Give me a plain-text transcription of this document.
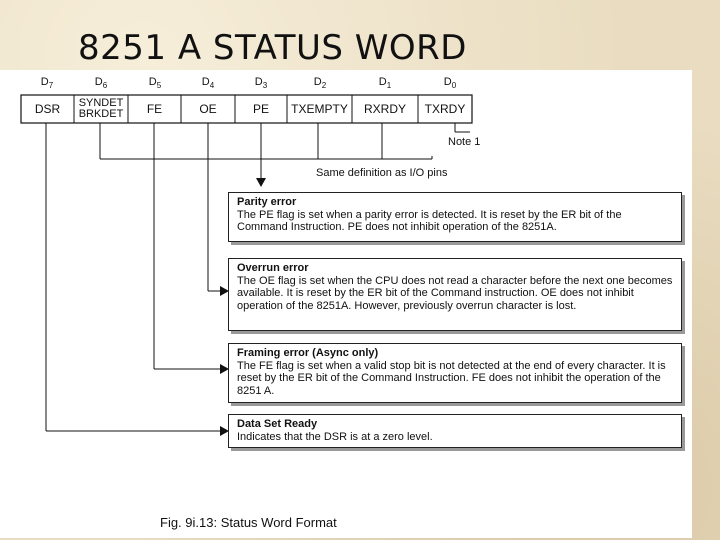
8251 A STATUS WORD
$D_7$	$D_6$	$D_5$	$D_4$	$D_3$	$D_2$	$D_1$	$D_0$
DSR	SYNDET BRKDET	FE	OE	PE	TXEMPTY	RXRDY	TXRDY
Note 1
Same definition as I/O pins
Parity error
The PE flag is set when a parity error is detected. It is reset by the ER bit of the Command Instruction. PE does not inhibit operation of the 8251A.
Overrun error
The OE flag is set when the CPU does not read a character before the next one becomes available. It is reset by the ER bit of the Command instruction. OE does not inhibit operation of the 8251A. However, previously overrun character is lost.
Framing error (Async only)
The FE flag is set when a valid stop bit is not detected at the end of every character. It is reset by the ER bit of the Command Instruction. FE does not inhibit the operation of the 8251 A.
Data Set Ready
Indicates that the DSR is at a zero level.
Fig. 9i.13: Status Word Format
